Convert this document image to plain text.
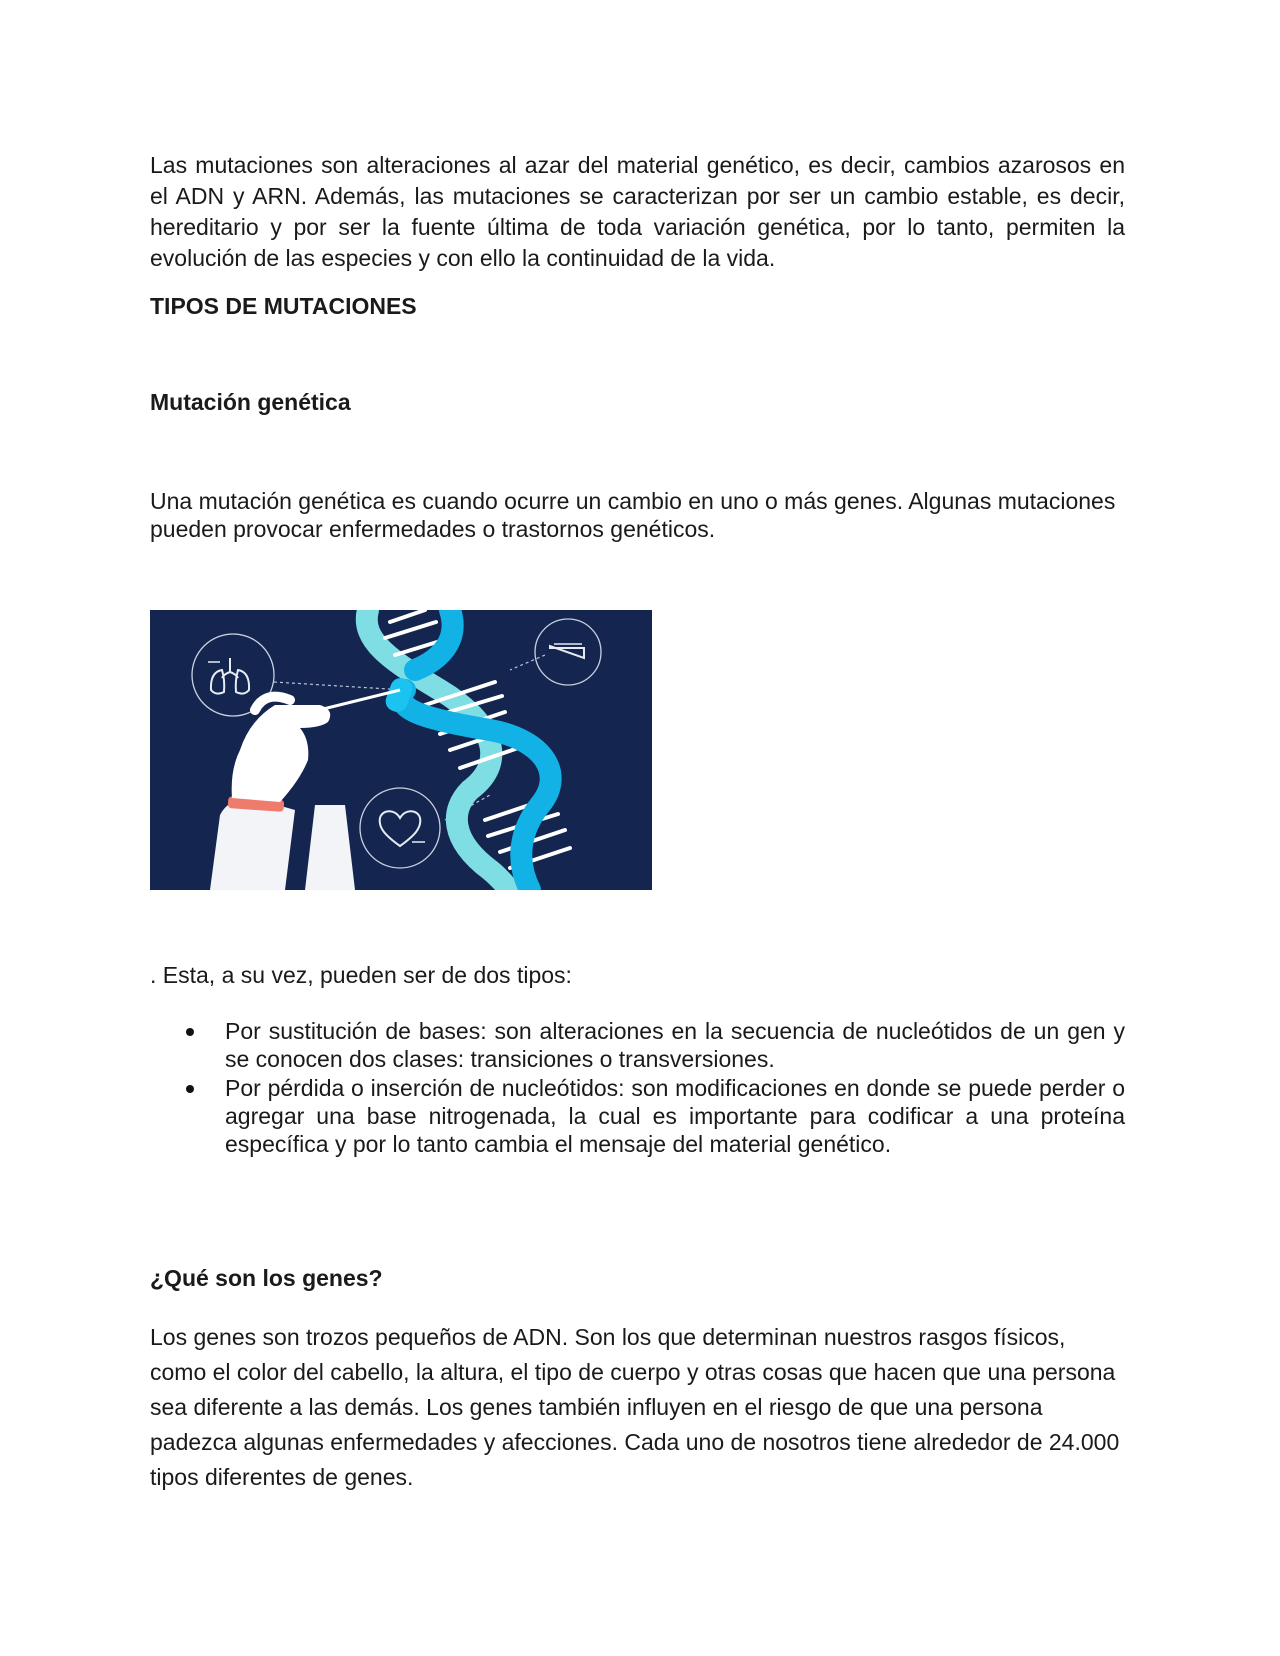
Las mutaciones son alteraciones al azar del material genético, es decir, cambios azarosos en el ADN y ARN. Además, las mutaciones se caracterizan por ser un cambio estable, es decir, hereditario y por ser la fuente última de toda variación genética, por lo tanto, permiten la evolución de las especies y con ello la continuidad de la vida.

TIPOS DE MUTACIONES

Mutación genética

Una mutación genética es cuando ocurre un cambio en uno o más genes. Algunas mutaciones pueden provocar enfermedades o trastornos genéticos.

. Esta, a su vez, pueden ser de dos tipos:

Por sustitución de bases: son alteraciones en la secuencia de nucleótidos de un gen y se conocen dos clases: transiciones o transversiones.
Por pérdida o inserción de nucleótidos: son modificaciones en donde se puede perder o agregar una base nitrogenada, la cual es importante para codificar a una proteína específica y por lo tanto cambia el mensaje del material genético.

¿Qué son los genes?

Los genes son trozos pequeños de ADN. Son los que determinan nuestros rasgos físicos, como el color del cabello, la altura, el tipo de cuerpo y otras cosas que hacen que una persona sea diferente a las demás. Los genes también influyen en el riesgo de que una persona padezca algunas enfermedades y afecciones. Cada uno de nosotros tiene alrededor de 24.000 tipos diferentes de genes.
